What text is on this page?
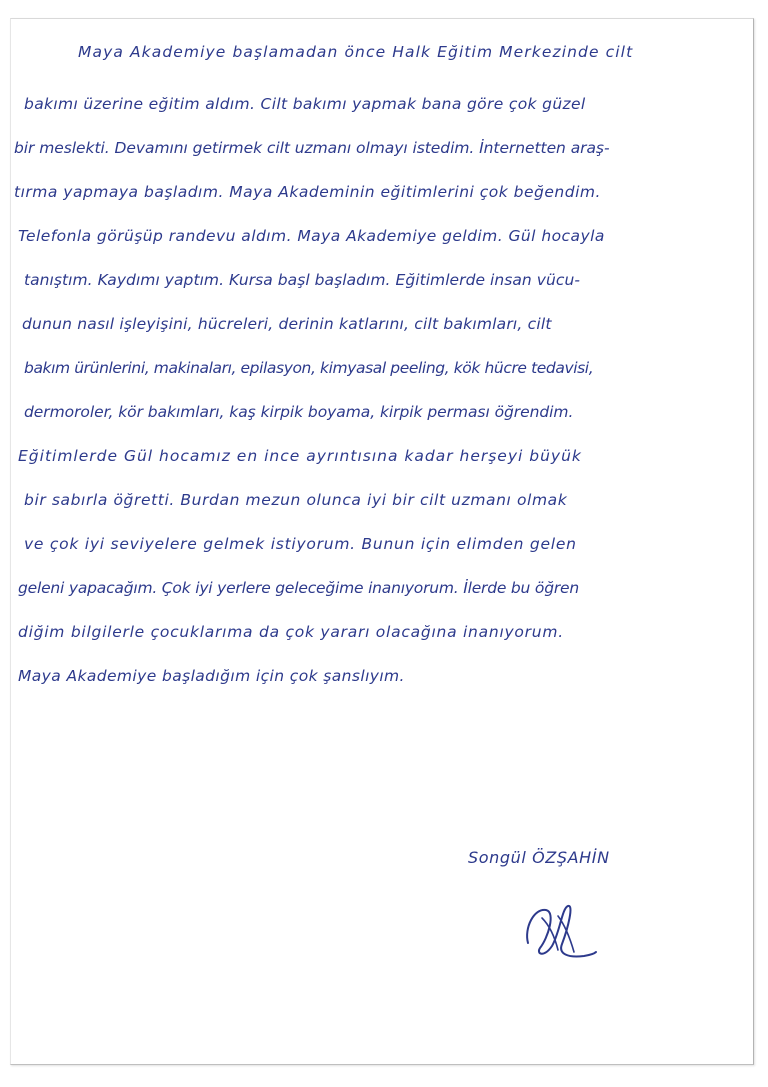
Maya Akademiye başlamadan önce Halk Eğitim Merkezinde cilt
bakımı üzerine eğitim aldım. Cilt bakımı yapmak bana göre çok güzel
bir meslekti. Devamını getirmek cilt uzmanı olmayı istedim. İnternetten araş-
tırma yapmaya başladım. Maya Akademinin eğitimlerini çok beğendim.
Telefonla görüşüp randevu aldım. Maya Akademiye geldim. Gül hocayla
tanıştım. Kaydımı yaptım. Kursa başl başladım. Eğitimlerde insan vücu-
dunun nasıl işleyişini, hücreleri, derinin katlarını, cilt bakımları, cilt
bakım ürünlerini, makinaları, epilasyon, kimyasal peeling, kök hücre tedavisi,
dermoroler, kör bakımları, kaş kirpik boyama, kirpik perması öğrendim.
Eğitimlerde Gül hocamız en ince ayrıntısına kadar herşeyi büyük
bir sabırla öğretti. Burdan mezun olunca iyi bir cilt uzmanı olmak
ve çok iyi seviyelere gelmek istiyorum. Bunun için elimden gelen
geleni yapacağım. Çok iyi yerlere geleceğime inanıyorum. İlerde bu öğren
diğim bilgilerle çocuklarıma da çok yararı olacağına inanıyorum.
Maya Akademiye başladığım için çok şanslıyım.
Songül ÖZŞAHİN
